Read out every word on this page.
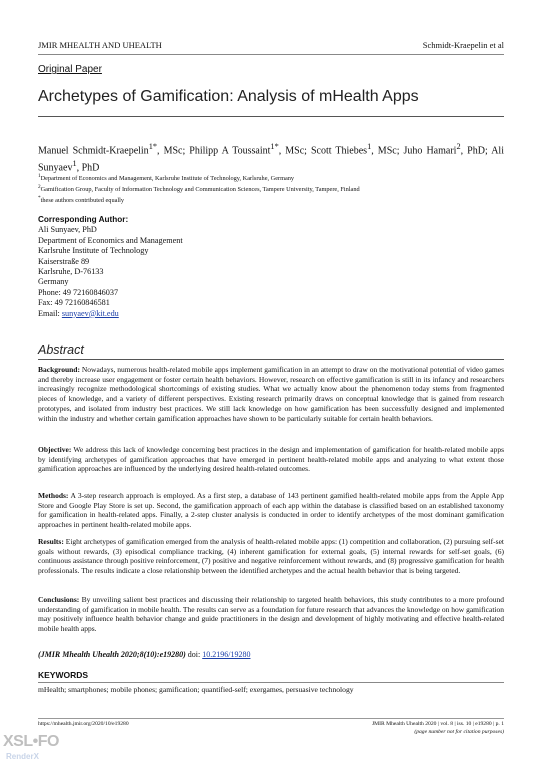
JMIR MHEALTH AND UHEALTH	Schmidt-Kraepelin et al
Original Paper
Archetypes of Gamification: Analysis of mHealth Apps
Manuel Schmidt-Kraepelin$^{1*}$, MSc; Philipp A Toussaint$^{1*}$, MSc; Scott Thiebes$^1$, MSc; Juho Hamari$^2$, PhD; Ali Sunyaev$^1$, PhD
$^1$Department of Economics and Management, Karlsruhe Institute of Technology, Karlsruhe, Germany
$^2$Gamification Group, Faculty of Information Technology and Communication Sciences, Tampere University, Tampere, Finland
*these authors contributed equally
Corresponding Author:
Ali Sunyaev, PhD
Department of Economics and Management
Karlsruhe Institute of Technology
Kaiserstraße 89
Karlsruhe, D-76133
Germany
Phone: 49 72160846037
Fax: 49 72160846581
Email: sunyaev@kit.edu
Abstract

Background: Nowadays, numerous health-related mobile apps implement gamification in an attempt to draw on the motivational potential of video games and thereby increase user engagement or foster certain health behaviors. However, research on effective gamification is still in its infancy and researchers increasingly recognize methodological shortcomings of existing studies. What we actually know about the phenomenon today stems from fragmented pieces of knowledge, and a variety of different perspectives. Existing research primarily draws on conceptual knowledge that is gained from research prototypes, and isolated from industry best practices. We still lack knowledge on how gamification has been successfully designed and implemented within the industry and whether certain gamification approaches have shown to be particularly suitable for certain health behaviors.

Objective: We address this lack of knowledge concerning best practices in the design and implementation of gamification for health-related mobile apps by identifying archetypes of gamification approaches that have emerged in pertinent health-related mobile apps and analyzing to what extent those gamification approaches are influenced by the underlying desired health-related outcomes.

Methods: A 3-step research approach is employed. As a first step, a database of 143 pertinent gamified health-related mobile apps from the Apple App Store and Google Play Store is set up. Second, the gamification approach of each app within the database is classified based on an established taxonomy for gamification in health-related apps. Finally, a 2-step cluster analysis is conducted in order to identify archetypes of the most dominant gamification approaches in pertinent health-related mobile apps.

Results: Eight archetypes of gamification emerged from the analysis of health-related mobile apps: (1) competition and collaboration, (2) pursuing self-set goals without rewards, (3) episodical compliance tracking, (4) inherent gamification for external goals, (5) internal rewards for self-set goals, (6) continuous assistance through positive reinforcement, (7) positive and negative reinforcement without rewards, and (8) progressive gamification for health professionals. The results indicate a close relationship between the identified archetypes and the actual health behavior that is being targeted.

Conclusions: By unveiling salient best practices and discussing their relationship to targeted health behaviors, this study contributes to a more profound understanding of gamification in mobile health. The results can serve as a foundation for future research that advances the knowledge on how gamification may positively influence health behavior change and guide practitioners in the design and development of highly motivating and effective health-related mobile health apps.

(JMIR Mhealth Uhealth 2020;8(10):e19280) doi: 10.2196/19280
KEYWORDS
mHealth; smartphones; mobile phones; gamification; quantified-self; exergames, persuasive technology
https://mhealth.jmir.org/2020/10/e19280	JMIR Mhealth Uhealth 2020 | vol. 8 | iss. 10 | e19280 | p. 1
(page number not for citation purposes)
XSL•FO
RenderX
